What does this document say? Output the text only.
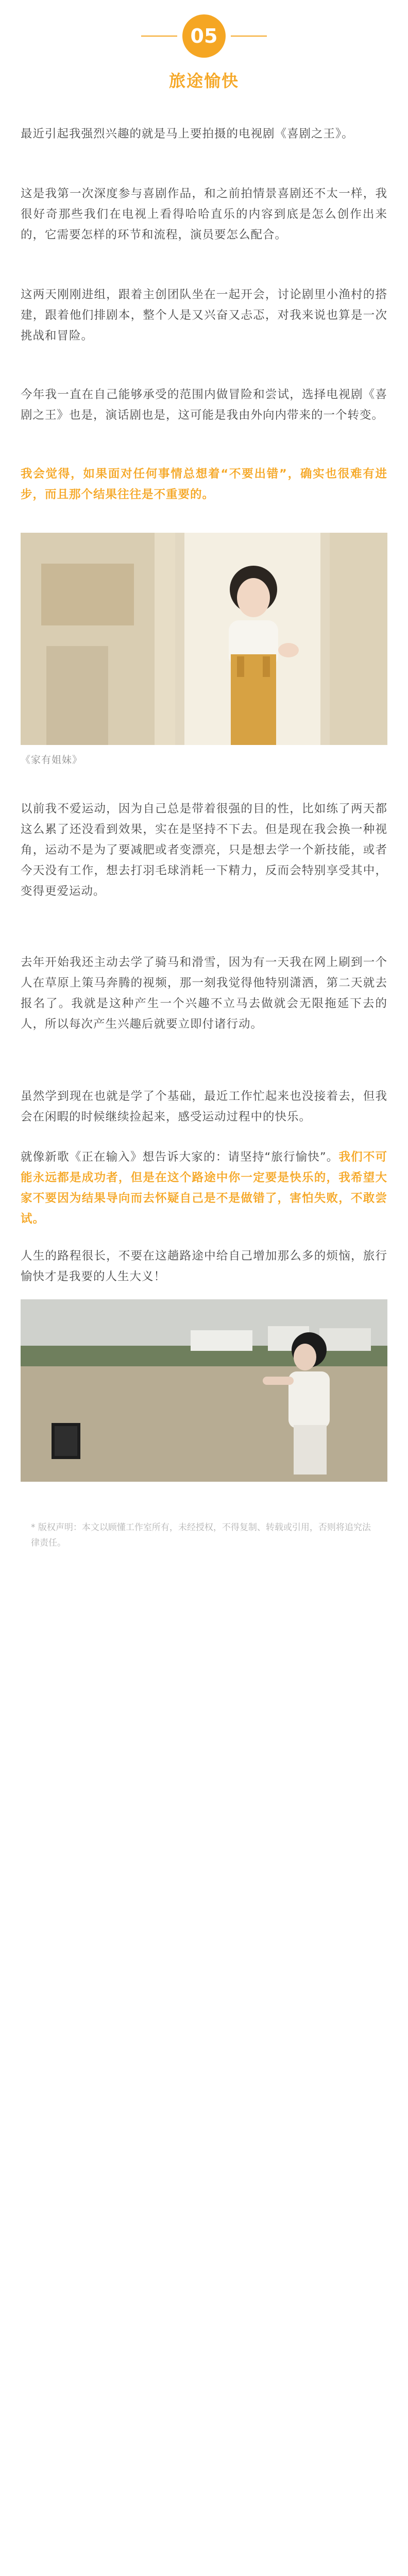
05
旅途愉快

最近引起我强烈兴趣的就是马上要拍摄的电视剧《喜剧之王》。

这是我第一次深度参与喜剧作品，和之前拍情景喜剧还不太一样，我很好奇那些我们在电视上看得哈哈直乐的内容到底是怎么创作出来的，它需要怎样的环节和流程，演员要怎么配合。

这两天刚刚进组，跟着主创团队坐在一起开会，讨论剧里小渔村的搭建，跟着他们排剧本，整个人是又兴奋又忐忑，对我来说也算是一次挑战和冒险。

今年我一直在自己能够承受的范围内做冒险和尝试，选择电视剧《喜剧之王》也是，演话剧也是，这可能是我由外向内带来的一个转变。

我会觉得，如果面对任何事情总想着“不要出错”，确实也很难有进步，而且那个结果往往是不重要的。

《家有姐妹》

以前我不爱运动，因为自己总是带着很强的目的性，比如练了两天都这么累了还没看到效果，实在是坚持不下去。但是现在我会换一种视角，运动不是为了要减肥或者变漂亮，只是想去学一个新技能，或者今天没有工作，想去打羽毛球消耗一下精力，反而会特别享受其中，变得更爱运动。

去年开始我还主动去学了骑马和滑雪，因为有一天我在网上刷到一个人在草原上策马奔腾的视频，那一刻我觉得他特别潇洒，第二天就去报名了。我就是这种产生一个兴趣不立马去做就会无限拖延下去的人，所以每次产生兴趣后就要立即付诸行动。

虽然学到现在也就是学了个基础，最近工作忙起来也没接着去，但我会在闲暇的时候继续捡起来，感受运动过程中的快乐。

就像新歌《正在输入》想告诉大家的：请坚持“旅行愉快”。我们不可能永远都是成功者，但是在这个路途中你一定要是快乐的，我希望大家不要因为结果导向而去怀疑自己是不是做错了，害怕失败，不敢尝试。

人生的路程很长，不要在这趟路途中给自己增加那么多的烦恼，旅行愉快才是我要的人生大义！

* 版权声明：本文以顾懂工作室所有，未经授权，不得复制、转载或引用，否则将追究法律责任。
